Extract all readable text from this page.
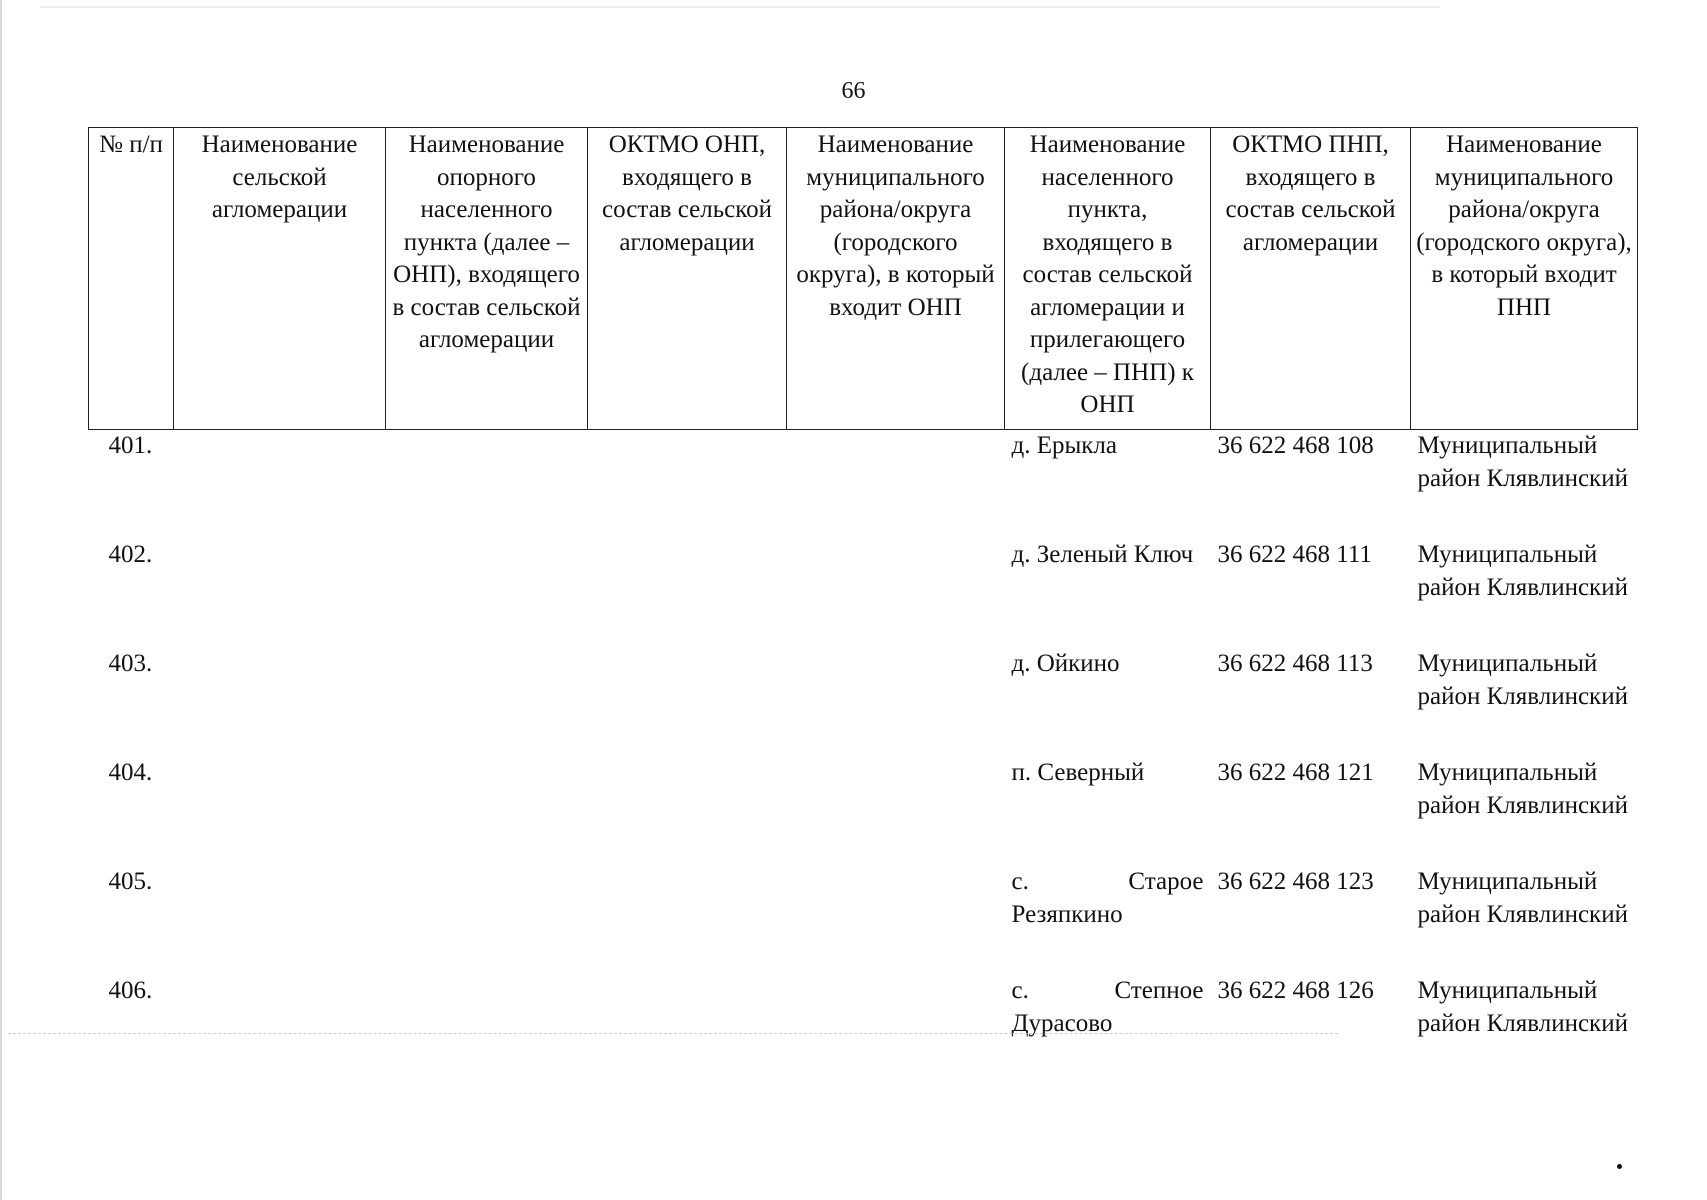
66
№ п/п	Наименование сельской агломерации	Наименование опорного населенного пункта (далее – ОНП), входящего в состав сельской агломерации	ОКТМО ОНП, входящего в состав сельской агломерации	Наименование муниципального района/округа (городского округа), в который входит ОНП	Наименование населенного пункта, входящего в состав сельской агломерации и прилегающего (далее – ПНП) к ОНП	ОКТМО ПНП, входящего в состав сельской агломерации	Наименование муниципального района/округа (городского округа), в который входит ПНП
401.					д. Ерыкла	36 622 468 108	Муниципальный район Клявлинский
402.					д. Зеленый Ключ	36 622 468 111	Муниципальный район Клявлинский
403.					д. Ойкино	36 622 468 113	Муниципальный район Клявлинский
404.					п. Северный	36 622 468 121	Муниципальный район Клявлинский
405.					с. Старое Резяпкино	36 622 468 123	Муниципальный район Клявлинский
406.					с. Степное Дурасово	36 622 468 126	Муниципальный район Клявлинский
